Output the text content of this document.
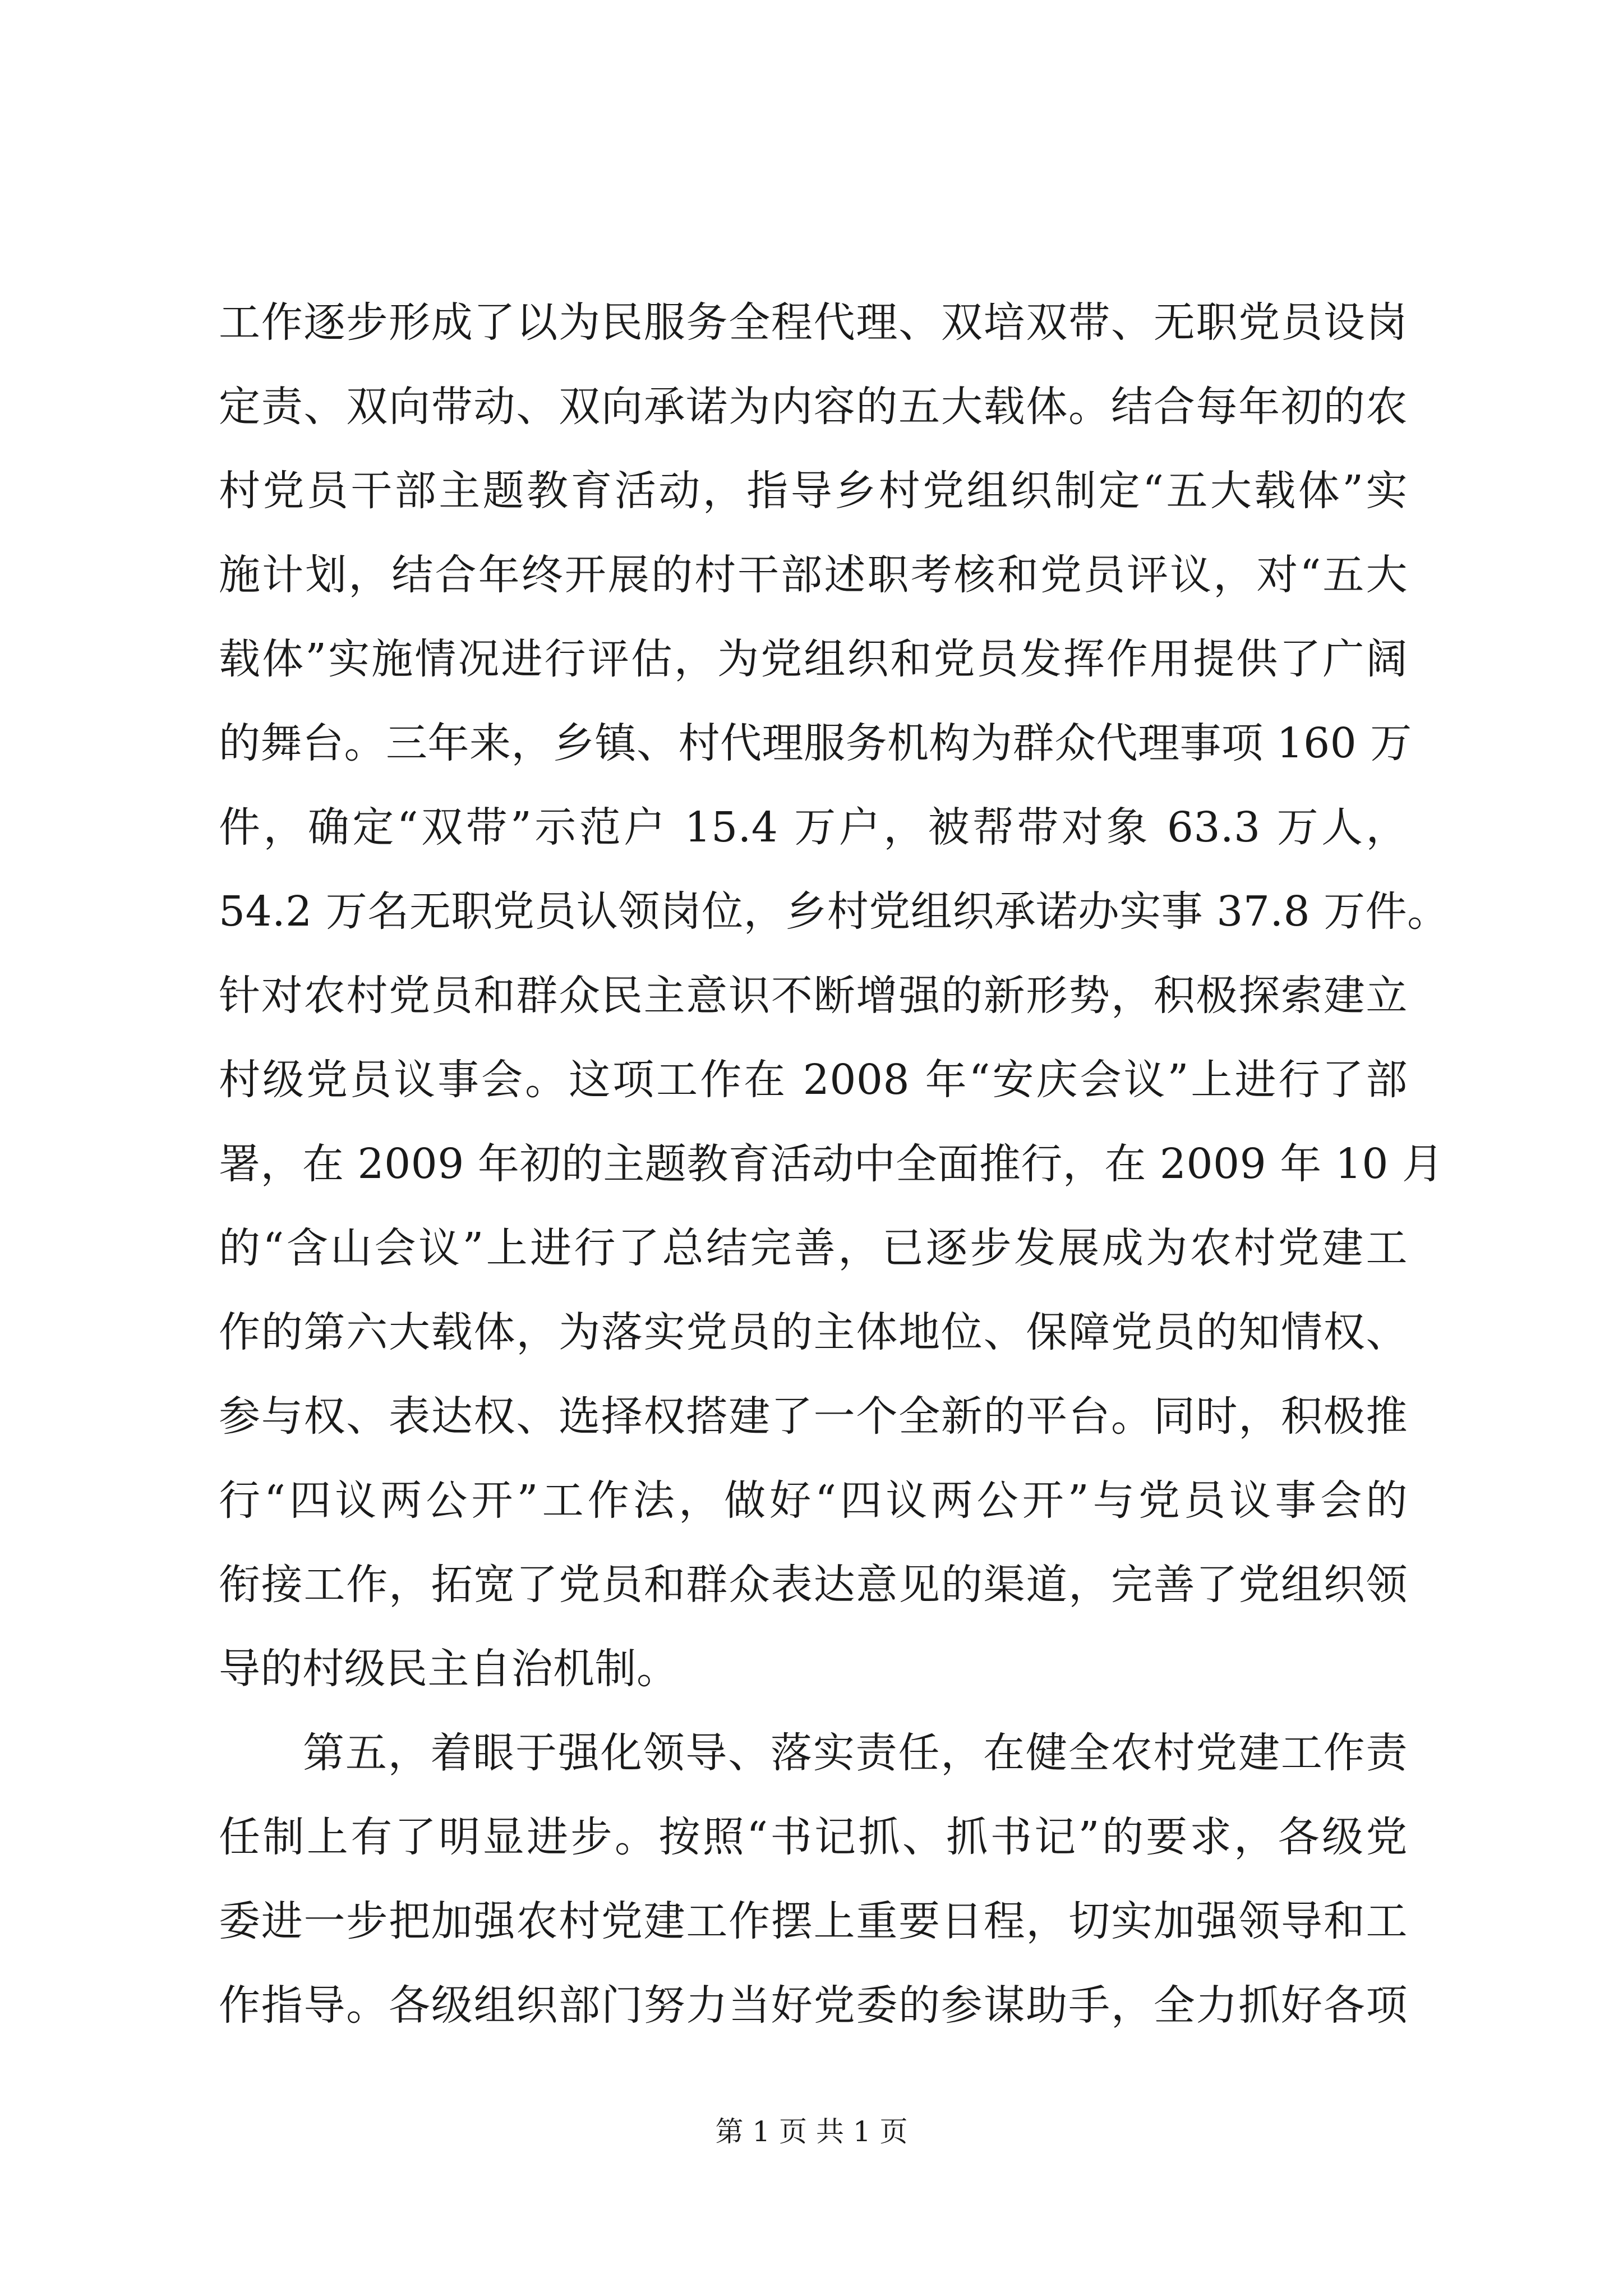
工作逐步形成了以为民服务全程代理、双培双带、无职党员设岗

定责、双向带动、双向承诺为内容的五大载体。结合每年初的农

村党员干部主题教育活动，指导乡村党组织制定“五大载体”实

施计划，结合年终开展的村干部述职考核和党员评议，对“五大

载体”实施情况进行评估，为党组织和党员发挥作用提供了广阔

的舞台。三年来，乡镇、村代理服务机构为群众代理事项 160 万

件，确定“双带”示范户 15.4 万户，被帮带对象 63.3 万人，

54.2 万名无职党员认领岗位，乡村党组织承诺办实事 37.8 万件。

针对农村党员和群众民主意识不断增强的新形势，积极探索建立

村级党员议事会。这项工作在 2008 年“安庆会议”上进行了部

署，在 2009 年初的主题教育活动中全面推行，在 2009 年 10 月

的“含山会议”上进行了总结完善，已逐步发展成为农村党建工

作的第六大载体，为落实党员的主体地位、保障党员的知情权、

参与权、表达权、选择权搭建了一个全新的平台。同时，积极推

行“四议两公开”工作法，做好“四议两公开”与党员议事会的

衔接工作，拓宽了党员和群众表达意见的渠道，完善了党组织领

导的村级民主自治机制。

第五，着眼于强化领导、落实责任，在健全农村党建工作责

任制上有了明显进步。按照“书记抓、抓书记”的要求，各级党

委进一步把加强农村党建工作摆上重要日程，切实加强领导和工

作指导。各级组织部门努力当好党委的参谋助手，全力抓好各项

第 1 页 共 1 页
